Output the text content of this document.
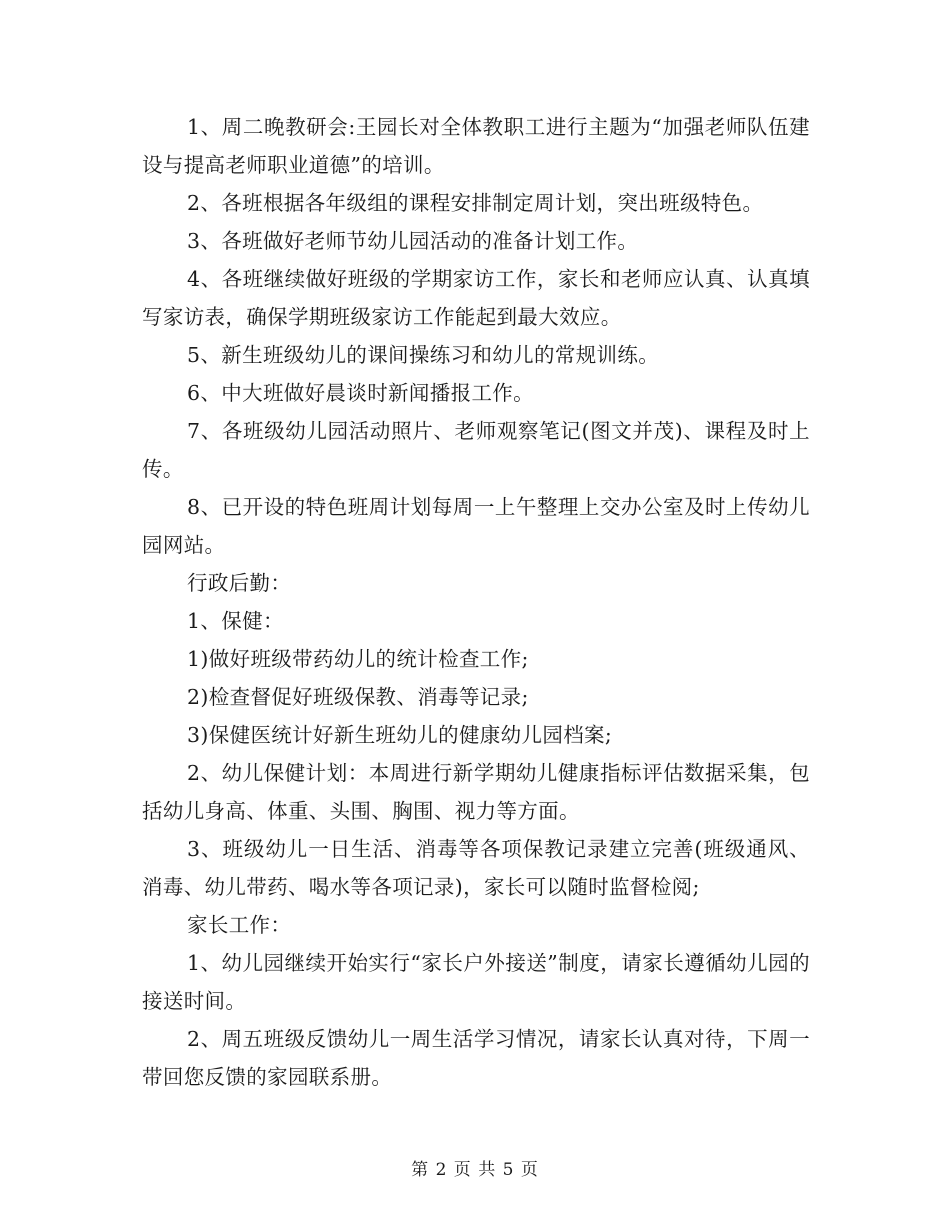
1、周二晚教研会:王园长对全体教职工进行主题为“加强老师队伍建设与提高老师职业道德”的培训。

2、各班根据各年级组的课程安排制定周计划，突出班级特色。

3、各班做好老师节幼儿园活动的准备计划工作。

4、各班继续做好班级的学期家访工作，家长和老师应认真、认真填写家访表，确保学期班级家访工作能起到最大效应。

5、新生班级幼儿的课间操练习和幼儿的常规训练。

6、中大班做好晨谈时新闻播报工作。

7、各班级幼儿园活动照片、老师观察笔记(图文并茂)、课程及时上传。

8、已开设的特色班周计划每周一上午整理上交办公室及时上传幼儿园网站。

行政后勤：

1、保健：

1)做好班级带药幼儿的统计检查工作;

2)检查督促好班级保教、消毒等记录;

3)保健医统计好新生班幼儿的健康幼儿园档案;

2、幼儿保健计划：本周进行新学期幼儿健康指标评估数据采集，包括幼儿身高、体重、头围、胸围、视力等方面。

3、班级幼儿一日生活、消毒等各项保教记录建立完善(班级通风、消毒、幼儿带药、喝水等各项记录)，家长可以随时监督检阅;

家长工作：

1、幼儿园继续开始实行“家长户外接送”制度，请家长遵循幼儿园的接送时间。

2、周五班级反馈幼儿一周生活学习情况，请家长认真对待，下周一带回您反馈的家园联系册。

第 2 页 共 5 页
